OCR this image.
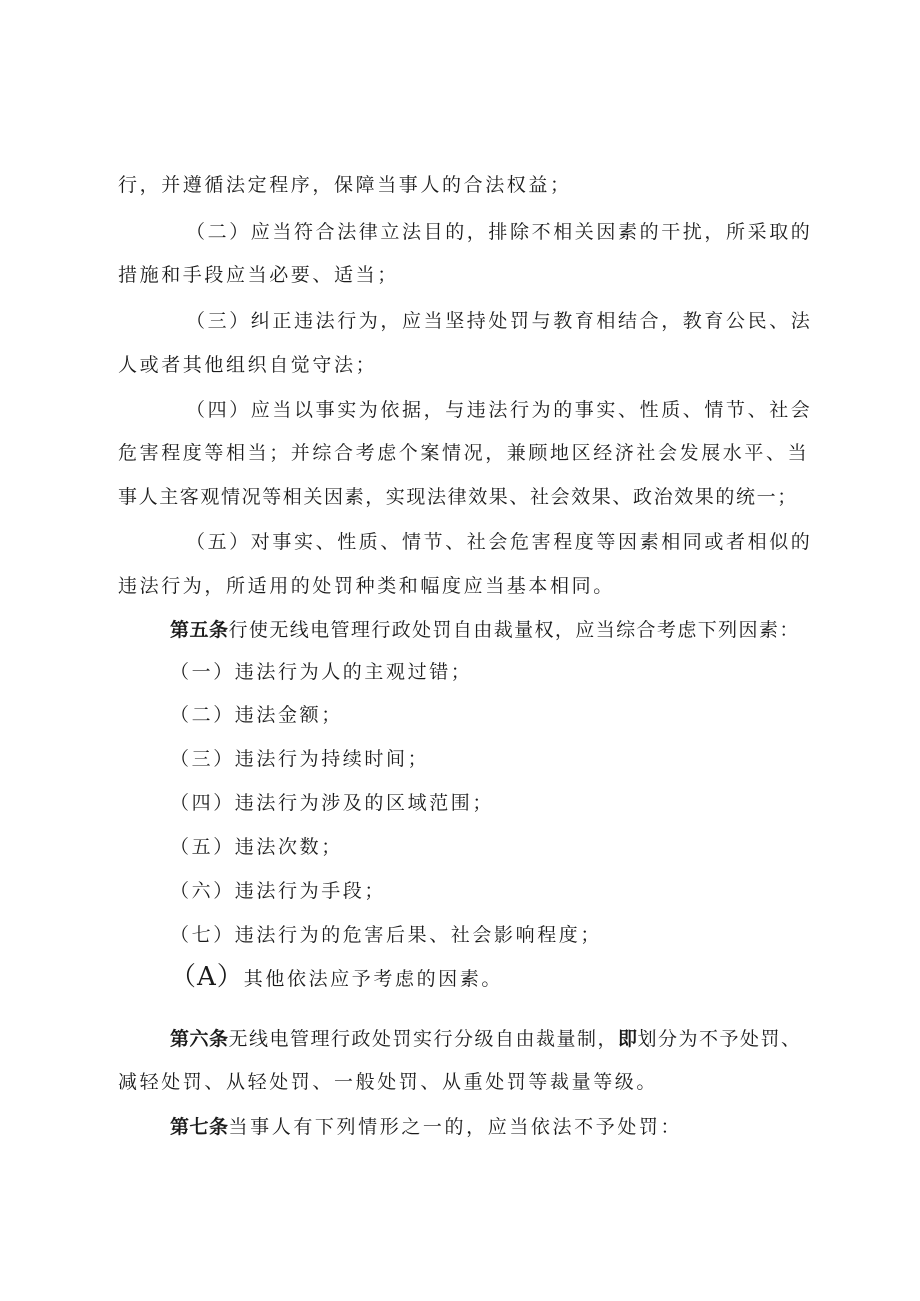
行，并遵循法定程序，保障当事人的合法权益；
（二）应当符合法律立法目的，排除不相关因素的干扰，所采取的
措施和手段应当必要、适当；
（三）纠正违法行为，应当坚持处罚与教育相结合，教育公民、法
人或者其他组织自觉守法；
（四）应当以事实为依据，与违法行为的事实、性质、情节、社会
危害程度等相当；并综合考虑个案情况，兼顾地区经济社会发展水平、当
事人主客观情况等相关因素，实现法律效果、社会效果、政治效果的统一；
（五）对事实、性质、情节、社会危害程度等因素相同或者相似的
违法行为，所适用的处罚种类和幅度应当基本相同。
第五条行使无线电管理行政处罚自由裁量权，应当综合考虑下列因素：
（一）违法行为人的主观过错；
（二）违法金额；
（三）违法行为持续时间；
（四）违法行为涉及的区域范围；
（五）违法次数；
（六）违法行为手段；
（七）违法行为的危害后果、社会影响程度；
（A）其他依法应予考虑的因素。
第六条无线电管理行政处罚实行分级自由裁量制，即划分为不予处罚、
减轻处罚、从轻处罚、一般处罚、从重处罚等裁量等级。
第七条当事人有下列情形之一的，应当依法不予处罚：
